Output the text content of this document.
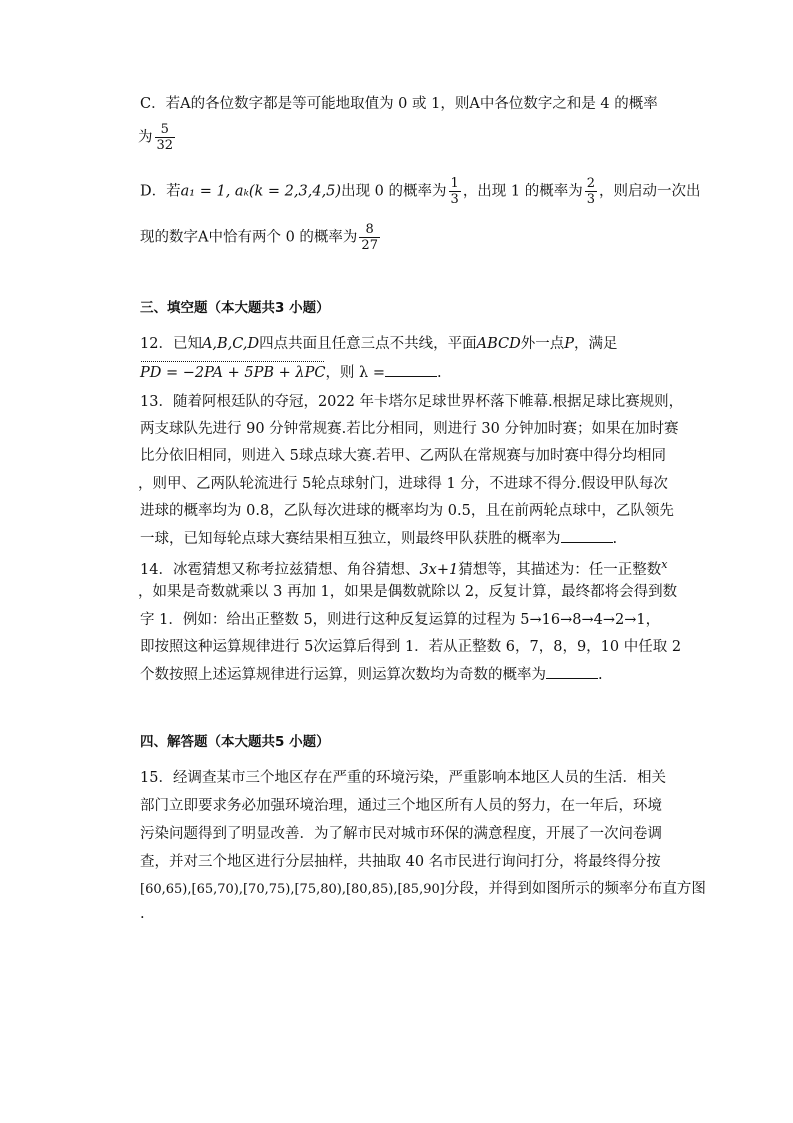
C．若A的各位数字都是等可能地取值为 0 或 1，则A中各位数字之和是 4 的概率
为 $\frac{5}{32}$
D．若a₁ = 1, aₖ(k = 2,3,4,5)出现 0 的概率为 $\frac{1}{3}$ ，出现 1 的概率为 $\frac{2}{3}$ ，则启动一次出
现的数字A中恰有两个 0 的概率为 $\frac{8}{27}$
三、填空题（本大题共3 小题）
12．已知A,B,C,D四点共面且任意三点不共线，平面ABCD外一点P，满足
PD = −2PA + 5PB + λPC，则 λ =	.
13．随着阿根廷队的夺冠，2022 年卡塔尔足球世界杯落下帷幕.根据足球比赛规则，
两支球队先进行 90 分钟常规赛.若比分相同，则进行 30 分钟加时赛；如果在加时赛
比分依旧相同，则进入 5球点球大赛.若甲、乙两队在常规赛与加时赛中得分均相同
，则甲、乙两队轮流进行 5轮点球射门，进球得 1 分，不进球不得分.假设甲队每次
进球的概率均为 0.8，乙队每次进球的概率均为 0.5，且在前两轮点球中，乙队领先
一球，已知每轮点球大赛结果相互独立，则最终甲队获胜的概率为	.
14．冰雹猜想又称考拉兹猜想、角谷猜想、3x+1猜想等，其描述为：任一正整数$^x$
，如果是奇数就乘以 3 再加 1，如果是偶数就除以 2，反复计算，最终都将会得到数
字 1．例如：给出正整数 5，则进行这种反复运算的过程为 5→16→8→4→2→1，
即按照这种运算规律进行 5次运算后得到 1．若从正整数 6，7，8，9，10 中任取 2
个数按照上述运算规律进行运算，则运算次数均为奇数的概率为	.
四、解答题（本大题共5 小题）
15．经调查某市三个地区存在严重的环境污染，严重影响本地区人员的生活．相关
部门立即要求务必加强环境治理，通过三个地区所有人员的努力，在一年后，环境
污染问题得到了明显改善．为了解市民对城市环保的满意程度，开展了一次问卷调
查，并对三个地区进行分层抽样，共抽取 40 名市民进行询问打分，将最终得分按
[60,65),[65,70),[70,75),[75,80),[80,85),[85,90]分段，并得到如图所示的频率分布直方图
.
